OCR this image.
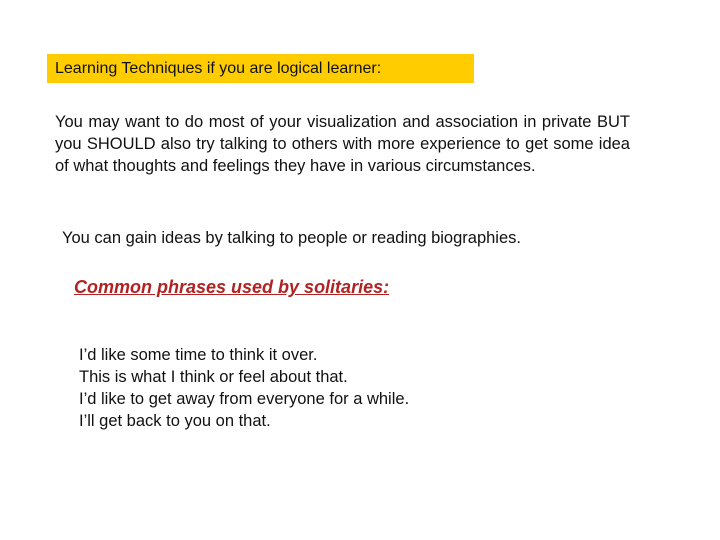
Learning Techniques if you are logical learner:

You may want to do most of your visualization and association in private BUT you SHOULD also try talking to others with more experience to get some idea of what thoughts and feelings they have in various circumstances.

You can gain ideas by talking to people or reading biographies.

Common phrases used by solitaries:
I’d like some time to think it over.
This is what I think or feel about that.
I’d like to get away from everyone for a while.
I’ll get back to you on that.
